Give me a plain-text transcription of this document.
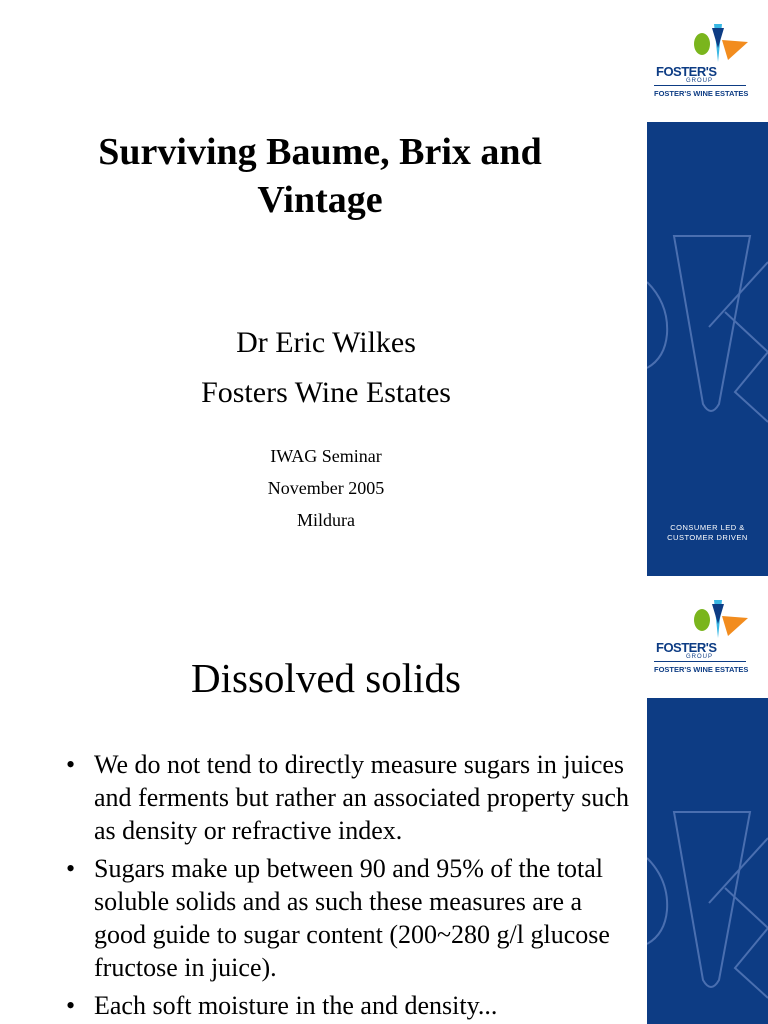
FOSTER'S
GROUP
FOSTER'S WINE ESTATES
CONSUMER LED &
CUSTOMER DRIVEN
Surviving Baume, Brix and
Vintage
Dr Eric Wilkes
Fosters Wine Estates
IWAG Seminar
November 2005
Mildura
FOSTER'S
GROUP
FOSTER'S WINE ESTATES
Dissolved solids
• We do not tend to directly measure sugars in juices and ferments but rather an associated property such as density or refractive index.
• Sugars make up between 90 and 95% of the total soluble solids and as such these measures are a good guide to sugar content (200~280 g/l glucose fructose in juice).
• Each soft moisture in the and density...
